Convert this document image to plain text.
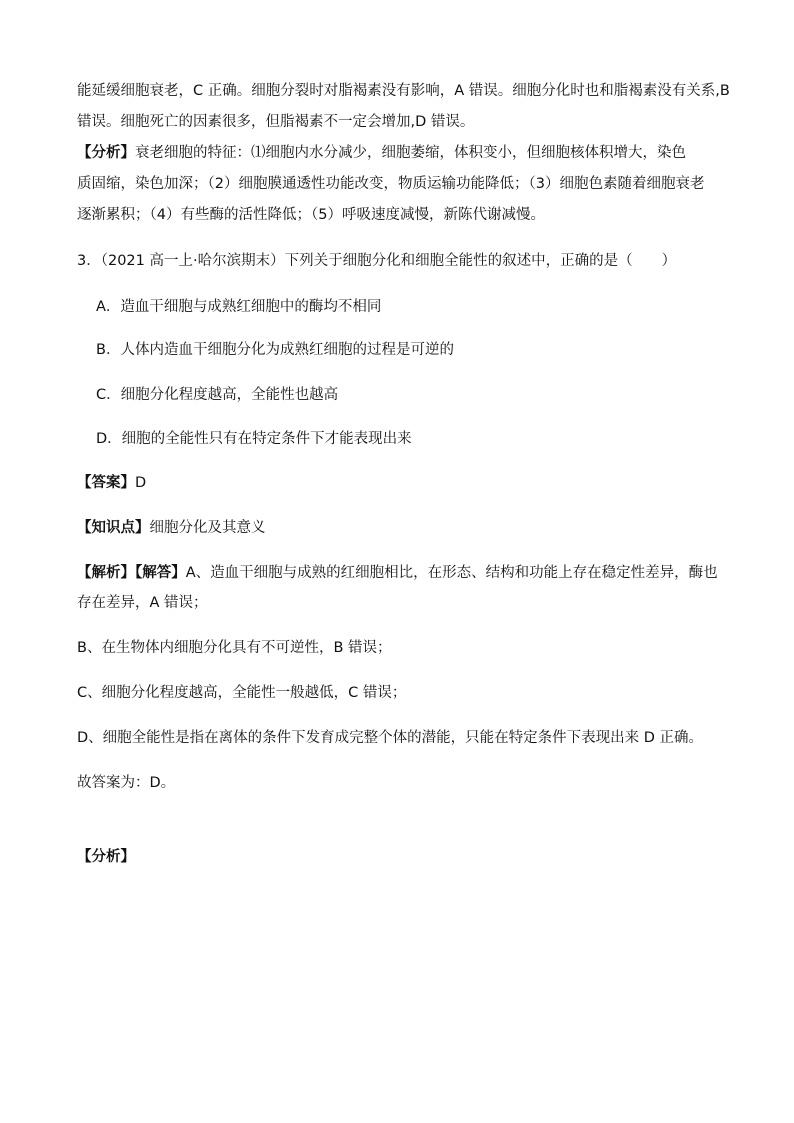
能延缓细胞衰老，C 正确。细胞分裂时对脂褐素没有影响，A 错误。细胞分化时也和脂褐素没有关系,B
错误。细胞死亡的因素很多，但脂褐素不一定会增加,D 错误。
【分析】衰老细胞的特征：⑴细胞内水分减少，细胞萎缩，体积变小，但细胞核体积增大，染色
质固缩，染色加深；（2）细胞膜通透性功能改变，物质运输功能降低；（3）细胞色素随着细胞衰老
逐渐累积；（4）有些酶的活性降低；（5）呼吸速度减慢，新陈代谢减慢。
3．（2021 高一上·哈尔滨期末）下列关于细胞分化和细胞全能性的叙述中，正确的是（　　）
A．造血干细胞与成熟红细胞中的酶均不相同
B．人体内造血干细胞分化为成熟红细胞的过程是可逆的
C．细胞分化程度越高，全能性也越高
D．细胞的全能性只有在特定条件下才能表现出来
【答案】D
【知识点】细胞分化及其意义
【解析】【解答】A、造血干细胞与成熟的红细胞相比，在形态、结构和功能上存在稳定性差异，酶也
存在差异，A 错误；
B、在生物体内细胞分化具有不可逆性，B 错误；
C、细胞分化程度越高，全能性一般越低，C 错误；
D、细胞全能性是指在离体的条件下发育成完整个体的潜能，只能在特定条件下表现出来 D 正确。
故答案为：D。
【分析】
